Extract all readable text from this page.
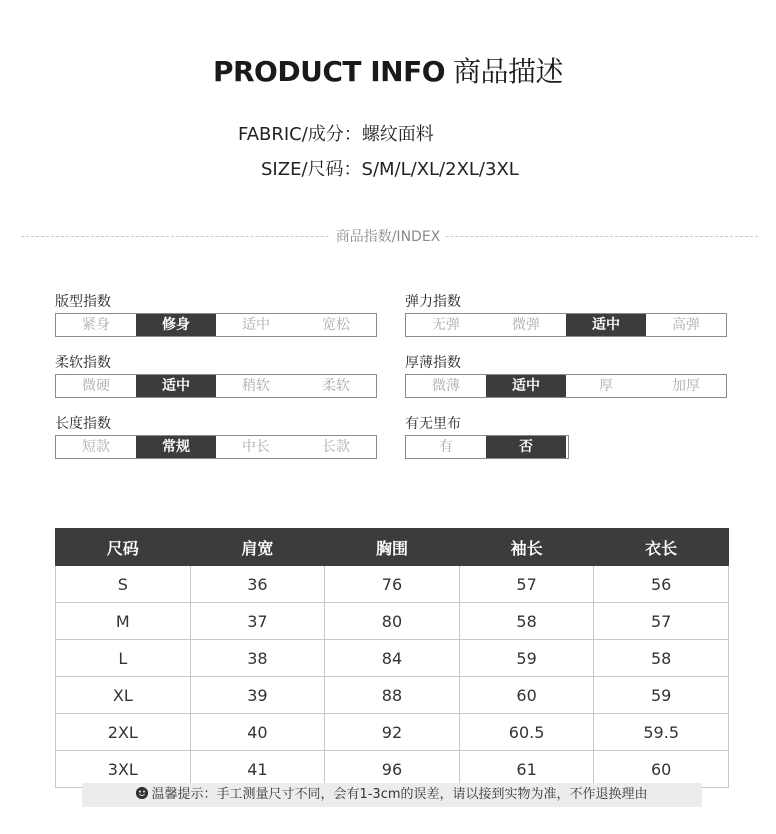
PRODUCT INFO 商品描述
FABRIC/成分：螺纹面料
SIZE/尺码：S/M/L/XL/2XL/3XL
商品指数/INDEX
版型指数
紧身	修身	适中	宽松
弹力指数
无弹	微弹	适中	高弹
柔软指数
微硬	适中	稍软	柔软
厚薄指数
微薄	适中	厚	加厚
长度指数
短款	常规	中长	长款
有无里布
有	否
尺码	肩宽	胸围	袖长	衣长
S	36	76	57	56
M	37	80	58	57
L	38	84	59	58
XL	39	88	60	59
2XL	40	92	60.5	59.5
3XL	41	96	61	60
温馨提示：手工测量尺寸不同，会有1-3cm的误差，请以接到实物为准，不作退换理由
